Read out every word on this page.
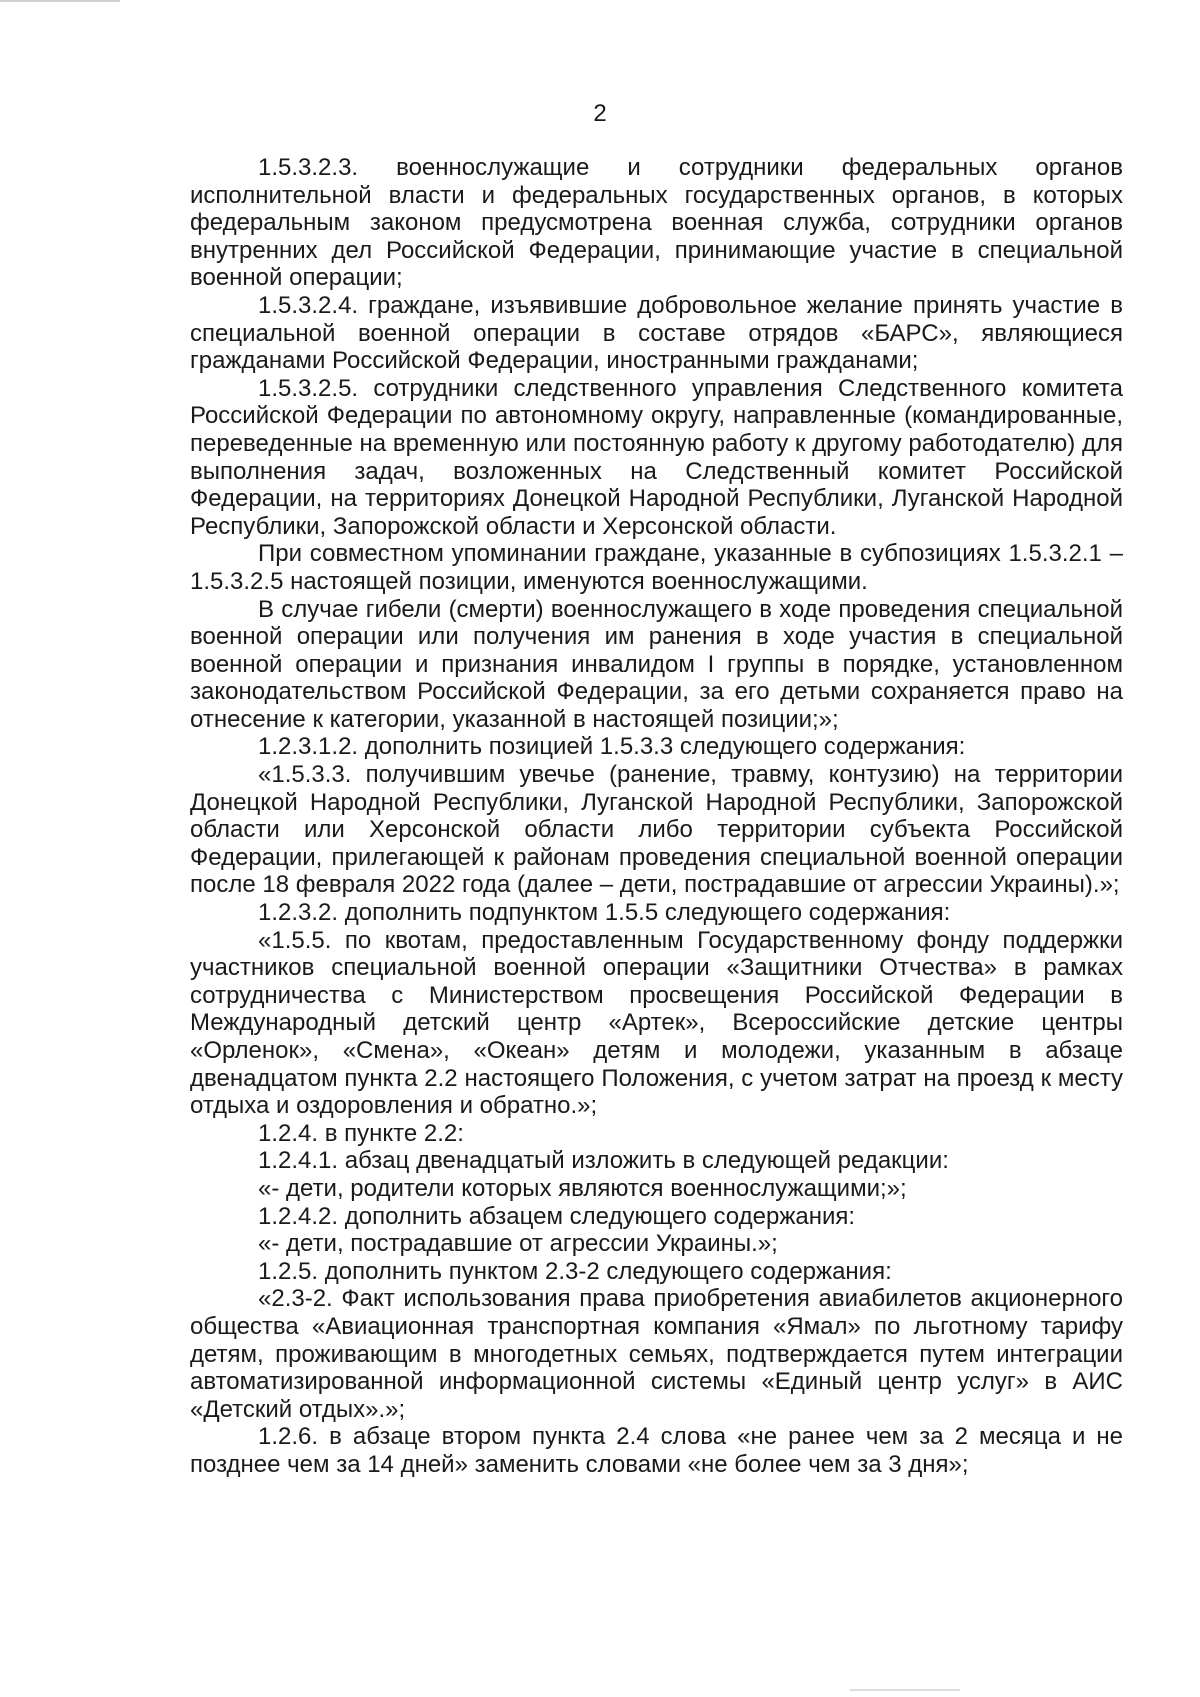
2

1.5.3.2.3. военнослужащие и сотрудники федеральных органов исполнительной власти и федеральных государственных органов, в которых федеральным законом предусмотрена военная служба, сотрудники органов внутренних дел Российской Федерации, принимающие участие в специальной военной операции;

1.5.3.2.4. граждане, изъявившие добровольное желание принять участие в специальной военной операции в составе отрядов «БАРС», являющиеся гражданами Российской Федерации, иностранными гражданами;

1.5.3.2.5. сотрудники следственного управления Следственного комитета Российской Федерации по автономному округу, направленные (командированные, переведенные на временную или постоянную работу к другому работодателю) для выполнения задач, возложенных на Следственный комитет Российской Федерации, на территориях Донецкой Народной Республики, Луганской Народной Республики, Запорожской области и Херсонской области.

При совместном упоминании граждане, указанные в субпозициях 1.5.3.2.1 – 1.5.3.2.5 настоящей позиции, именуются военнослужащими.

В случае гибели (смерти) военнослужащего в ходе проведения специальной военной операции или получения им ранения в ходе участия в специальной военной операции и признания инвалидом I группы в порядке, установленном законодательством Российской Федерации, за его детьми сохраняется право на отнесение к категории, указанной в настоящей позиции;»;

1.2.3.1.2. дополнить позицией 1.5.3.3 следующего содержания:

«1.5.3.3. получившим увечье (ранение, травму, контузию) на территории Донецкой Народной Республики, Луганской Народной Республики, Запорожской области или Херсонской области либо территории субъекта Российской Федерации, прилегающей к районам проведения специальной военной операции после 18 февраля 2022 года (далее – дети, пострадавшие от агрессии Украины).»;

1.2.3.2. дополнить подпунктом 1.5.5 следующего содержания:

«1.5.5. по квотам, предоставленным Государственному фонду поддержки участников специальной военной операции «Защитники Отчества» в рамках сотрудничества с Министерством просвещения Российской Федерации в Международный детский центр «Артек», Всероссийские детские центры «Орленок», «Смена», «Океан» детям и молодежи, указанным в абзаце двенадцатом пункта 2.2 настоящего Положения, с учетом затрат на проезд к месту отдыха и оздоровления и обратно.»;

1.2.4. в пункте 2.2:

1.2.4.1. абзац двенадцатый изложить в следующей редакции:

«- дети, родители которых являются военнослужащими;»;

1.2.4.2. дополнить абзацем следующего содержания:

«- дети, пострадавшие от агрессии Украины.»;

1.2.5. дополнить пунктом 2.3-2 следующего содержания:

«2.3-2. Факт использования права приобретения авиабилетов акционерного общества «Авиационная транспортная компания «Ямал» по льготному тарифу детям, проживающим в многодетных семьях, подтверждается путем интеграции автоматизированной информационной системы «Единый центр услуг» в АИС «Детский отдых».»;

1.2.6. в абзаце втором пункта 2.4 слова «не ранее чем за 2 месяца и не позднее чем за 14 дней» заменить словами «не более чем за 3 дня»;
